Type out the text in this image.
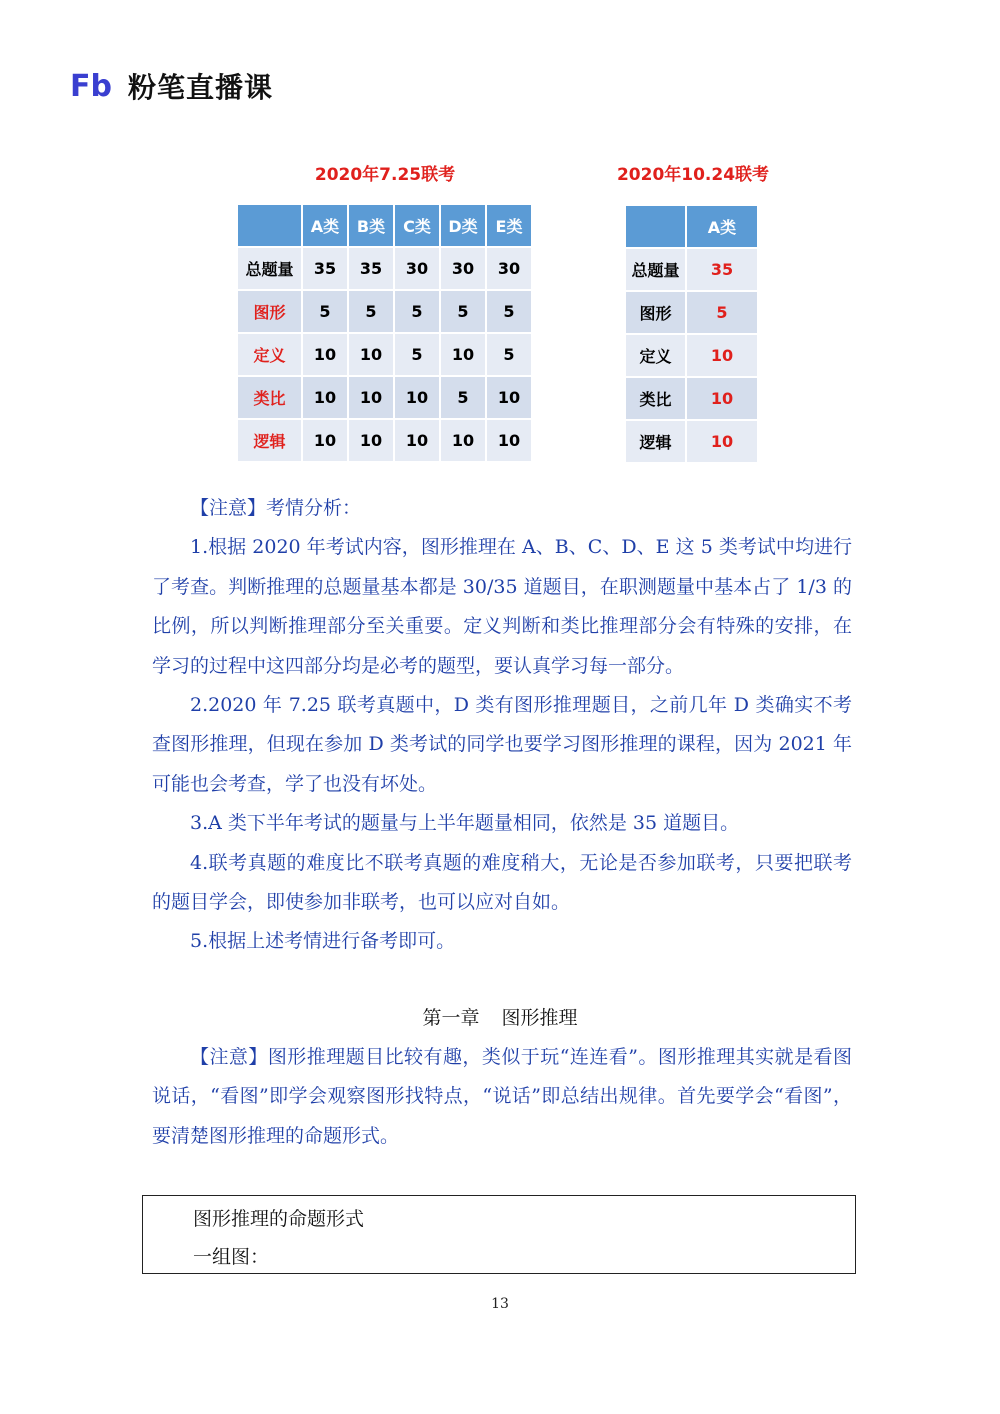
Fb 粉笔直播课
2020年7.25联考
	A类	B类	C类	D类	E类
总题量	35	35	30	30	30
图形	5	5	5	5	5
定义	10	10	5	10	5
类比	10	10	10	5	10
逻辑	10	10	10	10	10
2020年10.24联考
	A类
总题量	35
图形	5
定义	10
类比	10
逻辑	10

【注意】考情分析：

1.根据 2020 年考试内容，图形推理在 A、B、C、D、E 这 5 类考试中均进行了考查。判断推理的总题量基本都是 30/35 道题目，在职测题量中基本占了 1/3 的比例，所以判断推理部分至关重要。定义判断和类比推理部分会有特殊的安排，在学习的过程中这四部分均是必考的题型，要认真学习每一部分。

2.2020 年 7.25 联考真题中，D 类有图形推理题目，之前几年 D 类确实不考查图形推理，但现在参加 D 类考试的同学也要学习图形推理的课程，因为 2021 年可能也会考查，学了也没有坏处。

3.A 类下半年考试的题量与上半年题量相同，依然是 35 道题目。

4.联考真题的难度比不联考真题的难度稍大，无论是否参加联考，只要把联考的题目学会，即使参加非联考，也可以应对自如。

5.根据上述考情进行备考即可。

第一章 图形推理

【注意】图形推理题目比较有趣，类似于玩“连连看”。图形推理其实就是看图说话，“看图”即学会观察图形找特点，“说话”即总结出规律。首先要学会“看图”，要清楚图形推理的命题形式。

图形推理的命题形式
一组图：
13
